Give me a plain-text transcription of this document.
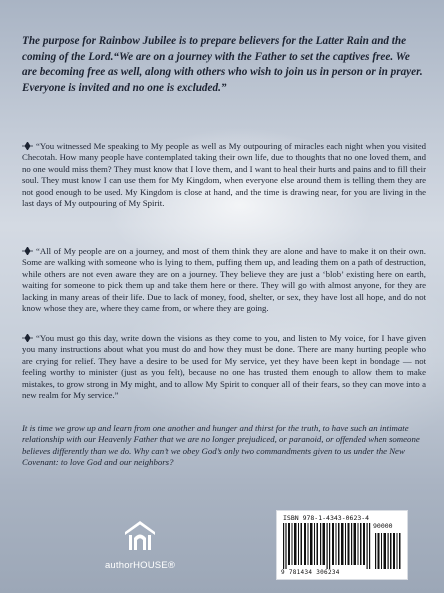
The purpose for Rainbow Jubilee is to prepare believers for the Latter Rain and the coming of the Lord.“We are on a journey with the Father to set the captives free. We are becoming free as well, along with others who wish to join us in person or in prayer. Everyone is invited and no one is excluded.”

“You witnessed Me speaking to My people as well as My outpouring of miracles each night when you visited Checotah. How many people have contemplated taking their own life, due to thoughts that no one loved them, and no one would miss them? They must know that I love them, and I want to heal their hurts and pains and to fill their soul. They must know I can use them for My Kingdom, when everyone else around them is telling them they are not good enough to be used. My Kingdom is close at hand, and the time is drawing near, for you are living in the last days of My outpouring of My Spirit.

“All of My people are on a journey, and most of them think they are alone and have to make it on their own. Some are walking with someone who is lying to them, puffing them up, and leading them on a path of destruction, while others are not even aware they are on a journey. They believe they are just a ‘blob’ existing here on earth, waiting for someone to pick them up and take them here or there. They will go with almost anyone, for they are lacking in many areas of their life. Due to lack of money, food, shelter, or sex, they have lost all hope, and do not know whose they are, where they came from, or where they are going.

“You must go this day, write down the visions as they come to you, and listen to My voice, for I have given you many instructions about what you must do and how they must be done. There are many hurting people who are crying for relief. They have a desire to be used for My service, yet they have been kept in bondage — not feeling worthy to minister (just as you felt), because no one has trusted them enough to allow them to make mistakes, to grow strong in My might, and to allow My Spirit to conquer all of their fears, so they can move into a new realm for My service.”

It is time we grow up and learn from one another and hunger and thirst for the truth, to have such an intimate relationship with our Heavenly Father that we are no longer prejudiced, or paranoid, or offended when someone believes differently than we do. Why can’t we obey God’s only two commandments given to us under the New Covenant: to love God and our neighbors?

authorHOUSE®
ISBN 978-1-4343-0623-4
90000
9 781434 306234
